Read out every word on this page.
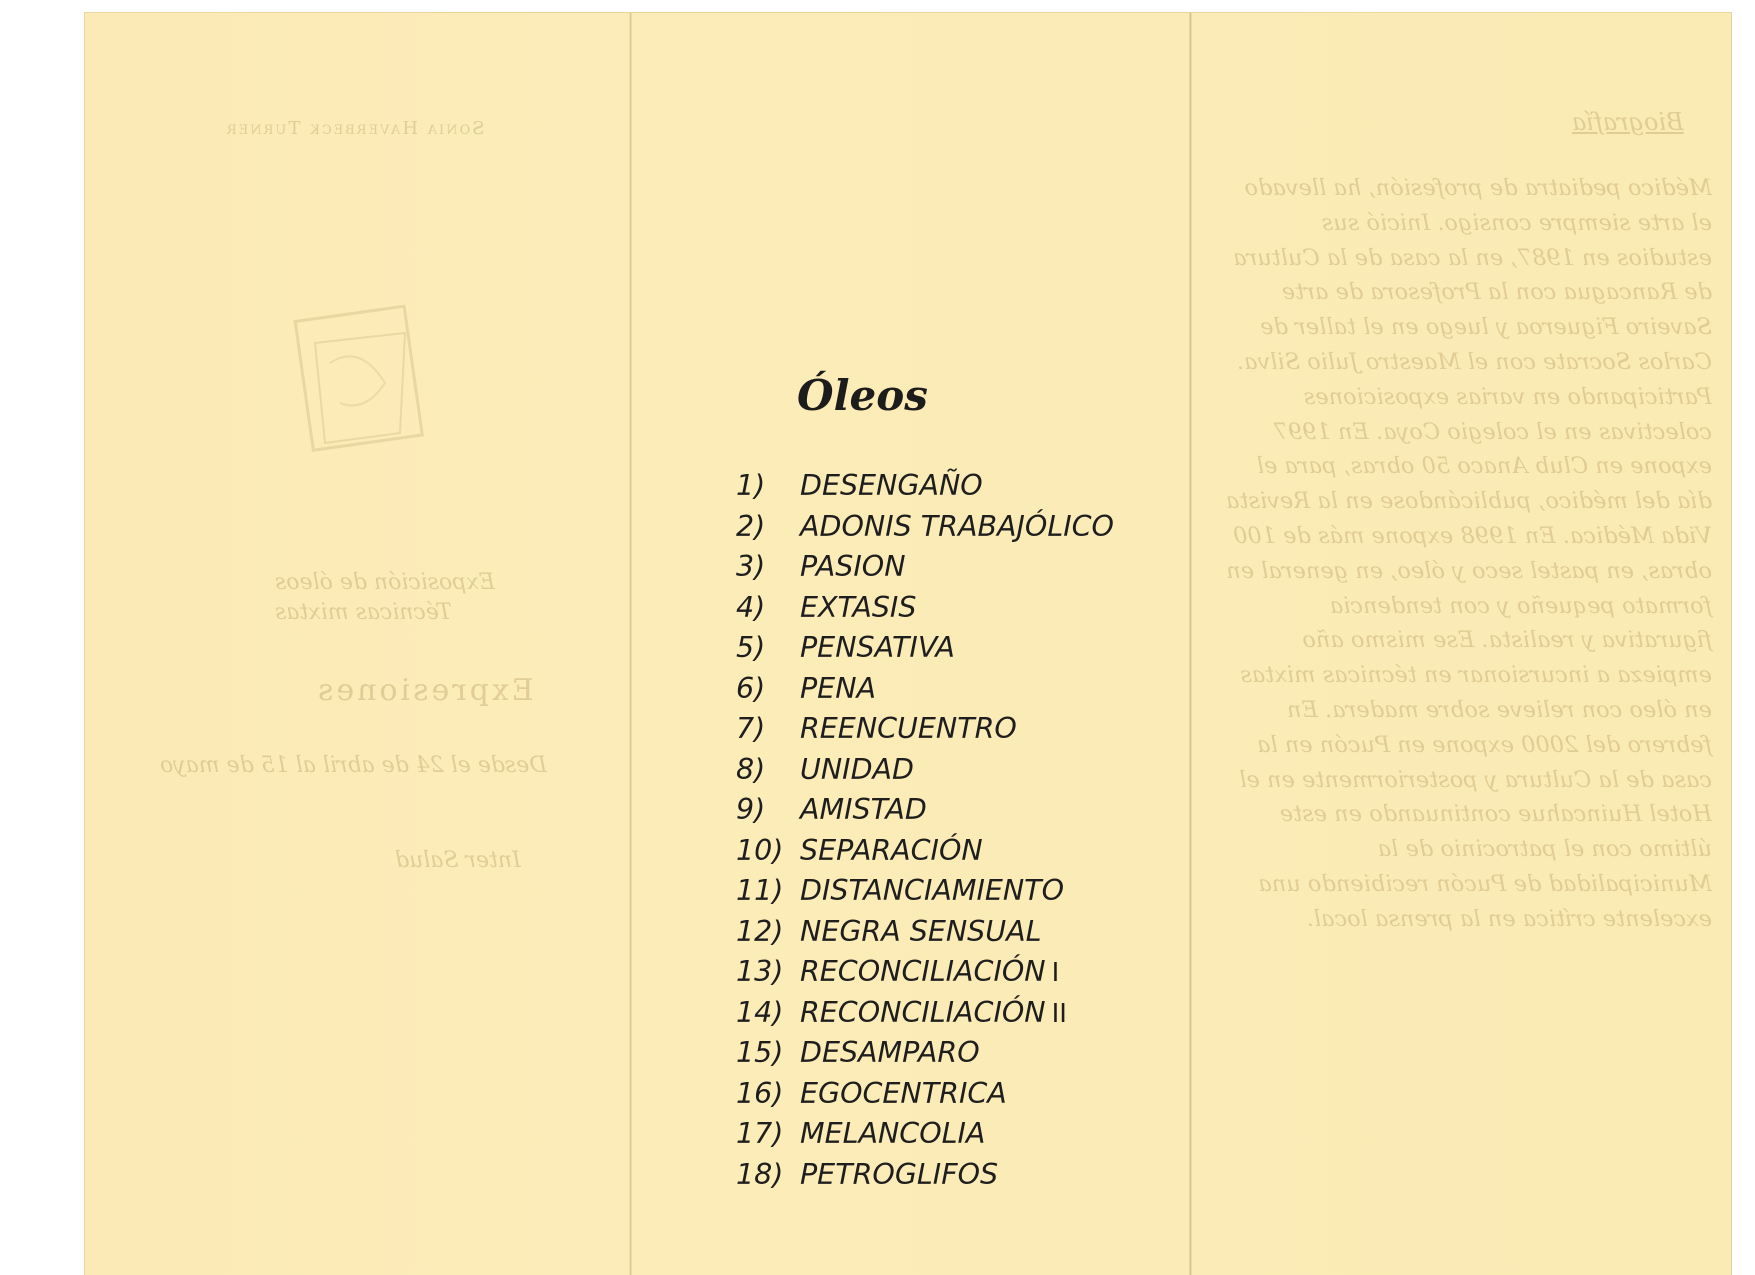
Sonia Haverbeck Turner
Exposición de óleos
Técnicas mixtas
Expresiones
Desde el 24 de abril al 15 de mayo
Inter Salud
Óleos
1) DESENGAÑO
2) ADONIS TRABAJÓLICO
3) PASION
4) EXTASIS
5) PENSATIVA
6) PENA
7) REENCUENTRO
8) UNIDAD
9) AMISTAD
10) SEPARACIÓN
11) DISTANCIAMIENTO
12) NEGRA SENSUAL
13) RECONCILIACIÓN I
14) RECONCILIACIÓN II
15) DESAMPARO
16) EGOCENTRICA
17) MELANCOLIA
18) PETROGLIFOS
Biografía
Médico pediatra de profesión, ha llevado el arte siempre consigo. Inició sus estudios en 1987, en la casa de la Cultura de Rancagua con la Profesora de arte Saveiro Figueroa y luego en el taller de Carlos Socrate con el Maestro Julio Silva. Participando en varias exposiciones colectivas en el colegio Coya. En 1997 expone en Club Anaco 50 obras, para el día del médico, publicándose en la Revista Vida Médica. En 1998 expone más de 100 obras, en pastel seco y óleo, en general en formato pequeño y con tendencia figurativa y realista. Ese mismo año empieza a incursionar en técnicas mixtas en óleo con relieve sobre madera. En febrero del 2000 expone en Pucón en la casa de la Cultura y posteriormente en el Hotel Huincahue continuando en este último con el patrocinio de la Municipalidad de Pucón recibiendo una excelente crítica en la prensa local.
